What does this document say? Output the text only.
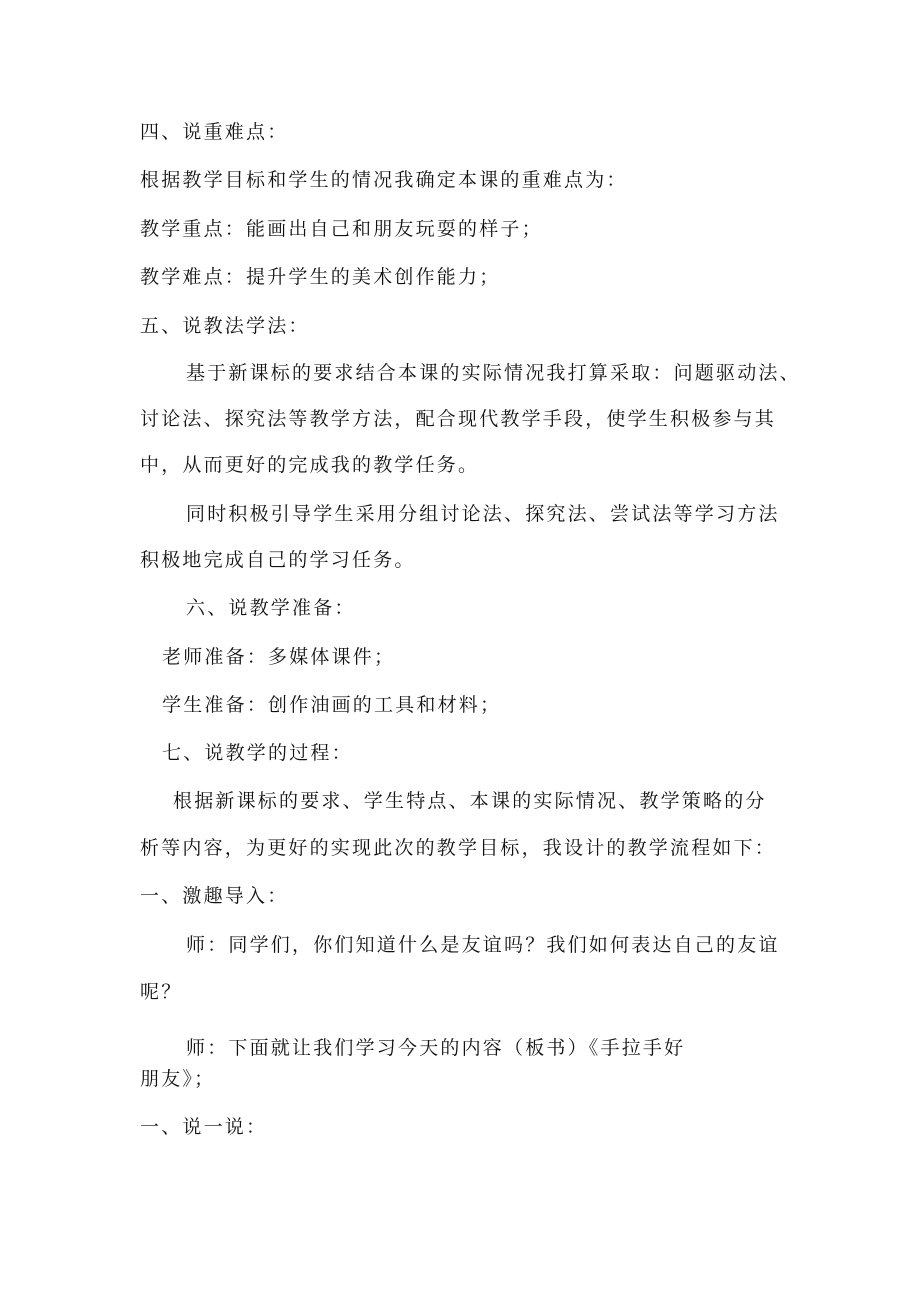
四、说重难点：
根据教学目标和学生的情况我确定本课的重难点为：
教学重点：能画出自己和朋友玩耍的样子；
教学难点：提升学生的美术创作能力；
五、说教法学法：
基于新课标的要求结合本课的实际情况我打算采取：问题驱动法、
讨论法、探究法等教学方法，配合现代教学手段，使学生积极参与其
中，从而更好的完成我的教学任务。
同时积极引导学生采用分组讨论法、探究法、尝试法等学习方法
积极地完成自己的学习任务。
六、说教学准备：
老师准备：多媒体课件；
学生准备：创作油画的工具和材料；
七、说教学的过程：
根据新课标的要求、学生特点、本课的实际情况、教学策略的分
析等内容，为更好的实现此次的教学目标，我设计的教学流程如下：
一、激趣导入：
师：同学们，你们知道什么是友谊吗？我们如何表达自己的友谊
呢？
师：下面就让我们学习今天的内容（板书）《手拉手好
朋友》；
一、说一说：
